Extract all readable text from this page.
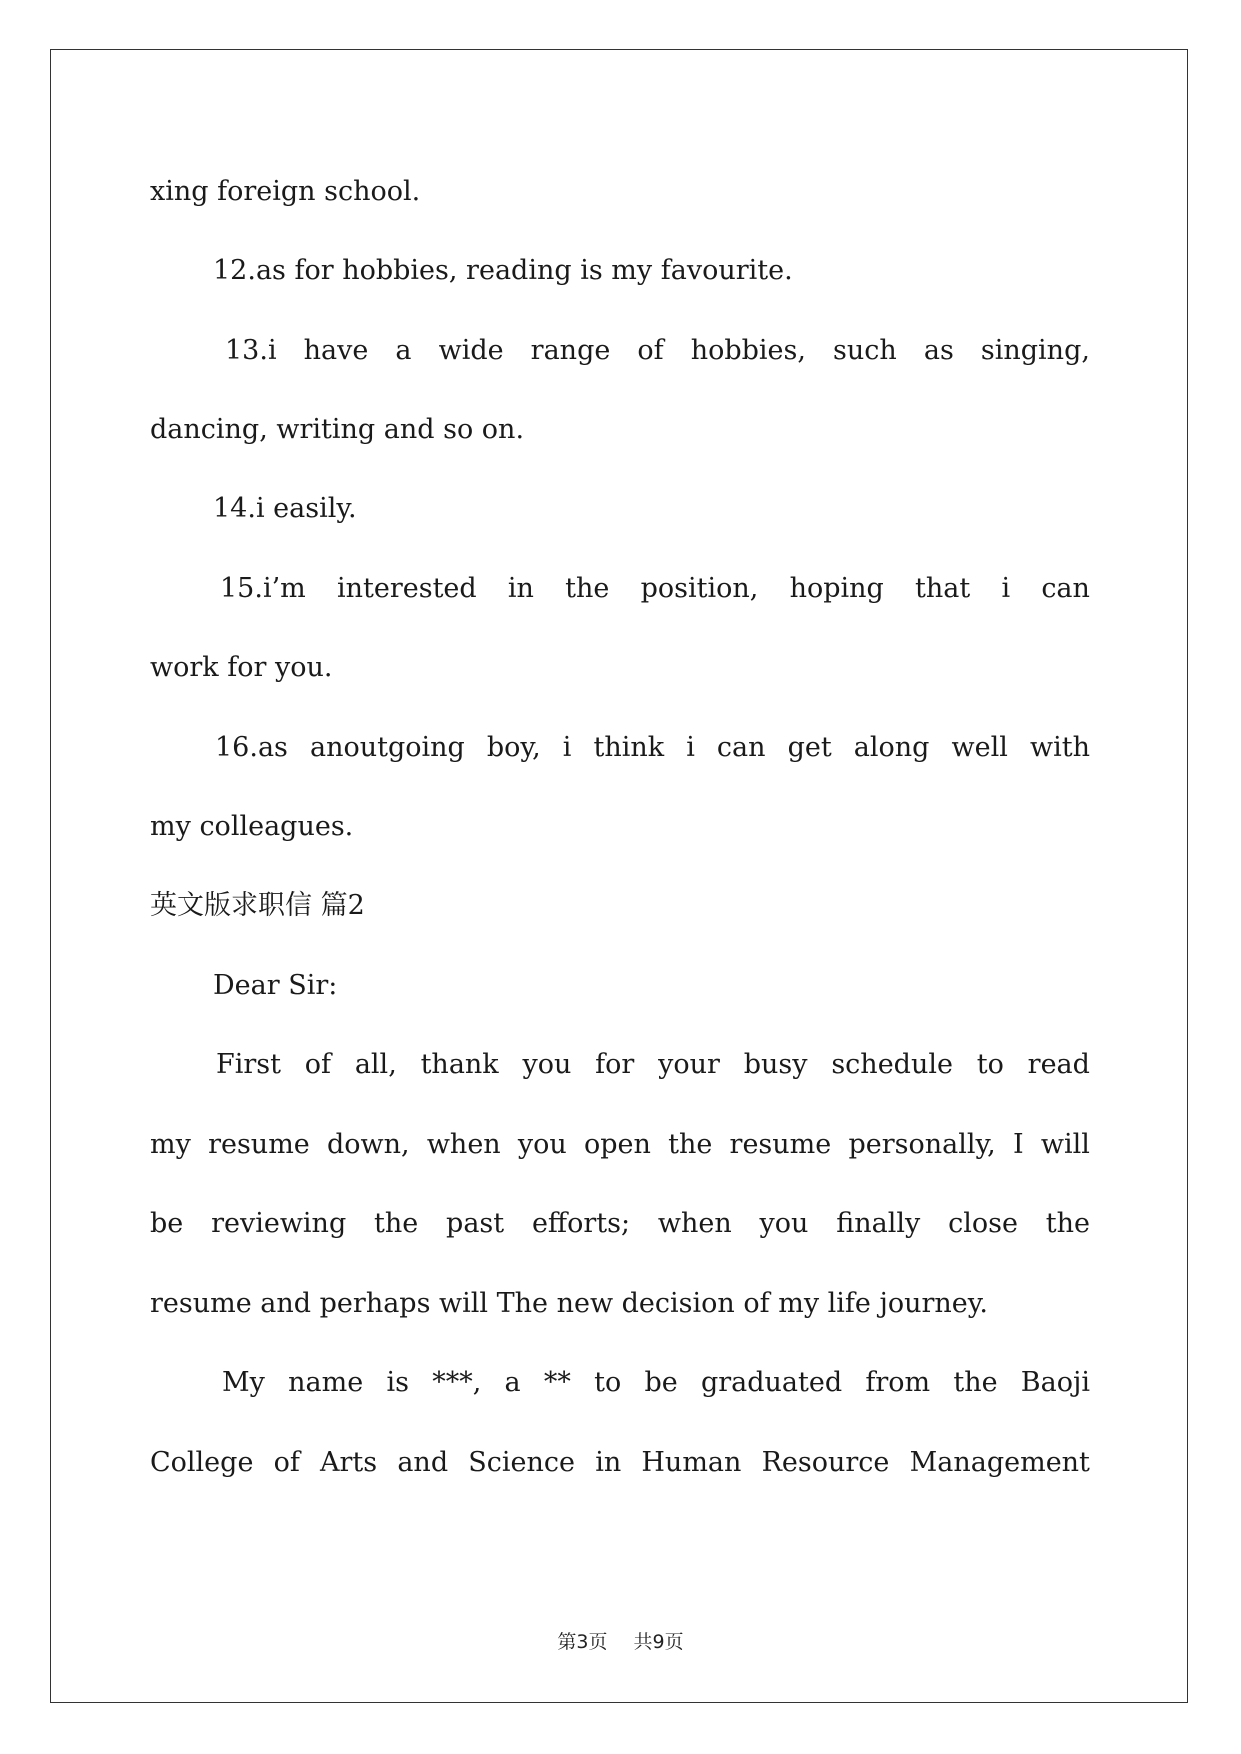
xing foreign school.
12.as for hobbies, reading is my favourite.
13.i have a wide range of hobbies, such as singing,
dancing, writing and so on.
14.i easily.
15.i’m interested in the position, hoping that i can
work for you.
16.as anoutgoing boy, i think i can get along well with
my colleagues.
英文版求职信 篇2
Dear Sir:
First of all, thank you for your busy schedule to read
my resume down, when you open the resume personally, I will
be reviewing the past efforts; when you finally close the
resume and perhaps will The new decision of my life journey.
My name is ***, a ** to be graduated from the Baoji
College of Arts and Science in Human Resource Management
第3页 共9页
